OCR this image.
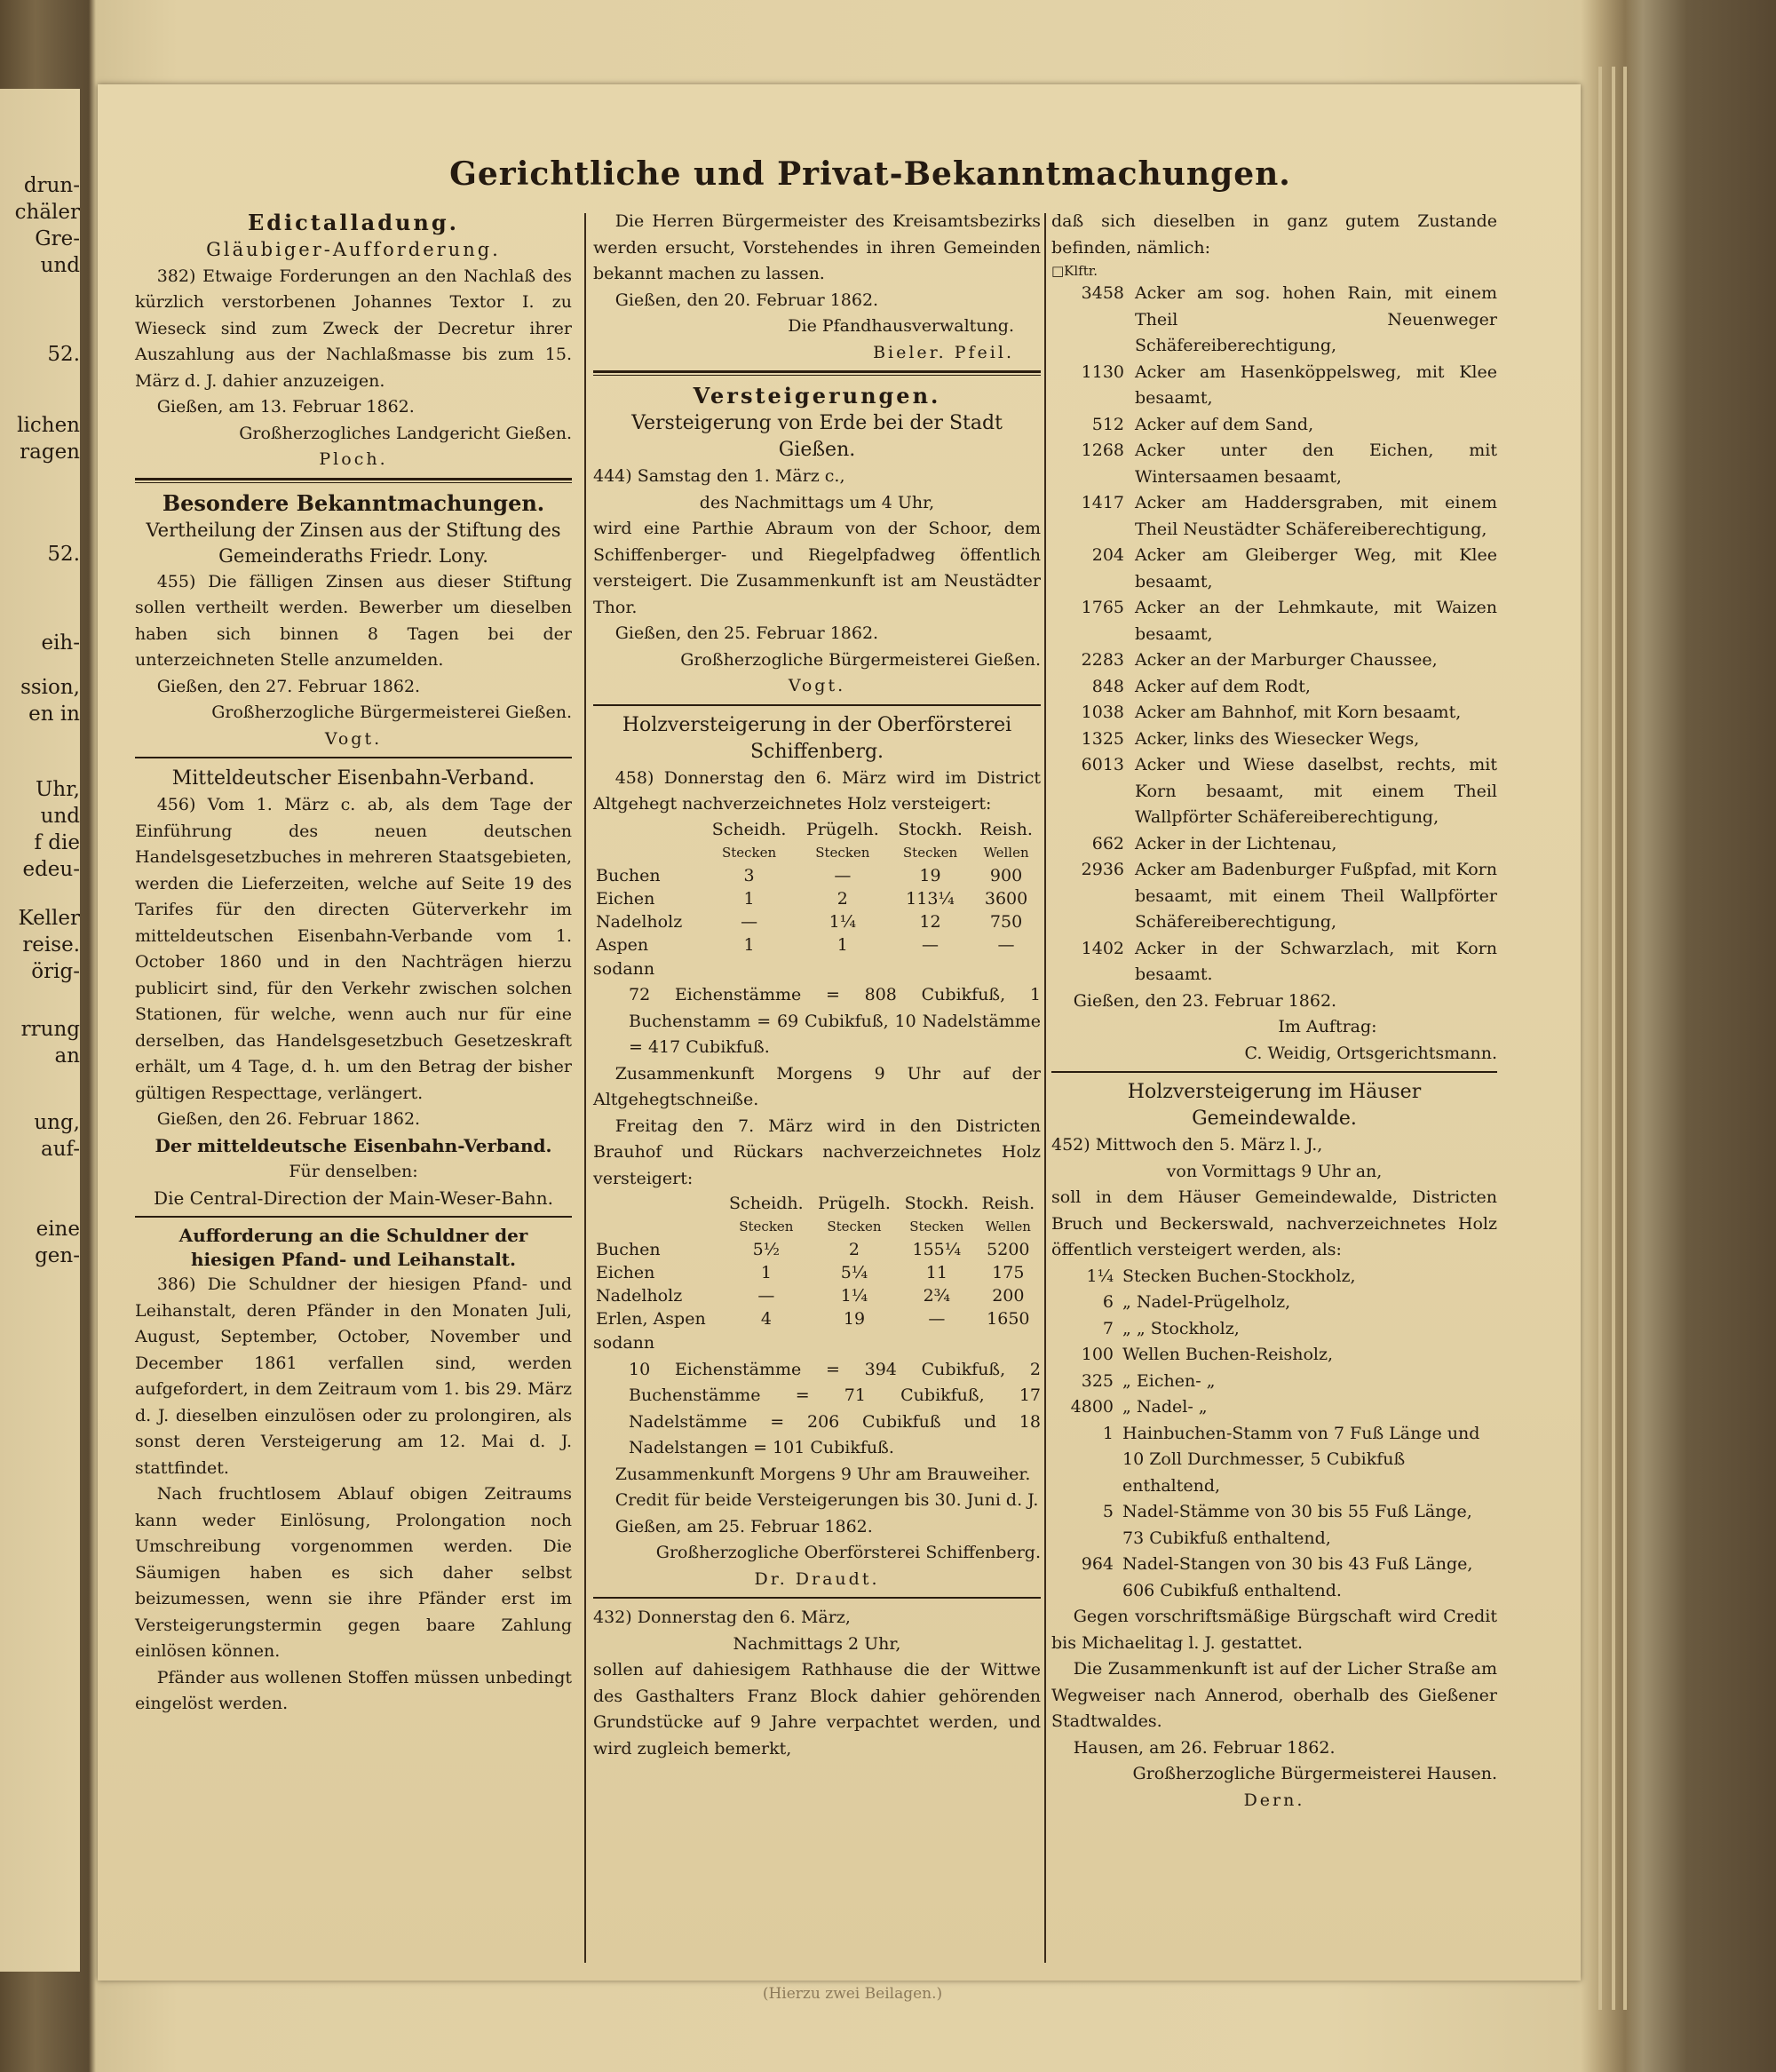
drun-
chäler
Gre-
und
52.
lichen
ragen
52.
eih-
ssion,
en in
Uhr,
und
f die
edeu-
Keller
reise.
örig-
rrung
an
ung,
auf-
eine
gen-
Gerichtliche und Privat-Bekanntmachungen.
Edictalladung.
Gläubiger-Aufforderung.
382) Etwaige Forderungen an den Nachlaß des kürzlich verstorbenen Johannes Textor I. zu Wieseck sind zum Zweck der Decretur ihrer Auszahlung aus der Nachlaßmasse bis zum 15. März d. J. dahier anzuzeigen.
Gießen, am 13. Februar 1862.
Großherzogliches Landgericht Gießen.
Ploch.
Besondere Bekanntmachungen.
Vertheilung der Zinsen aus der Stiftung des Gemeinderaths Friedr. Lony.
455) Die fälligen Zinsen aus dieser Stiftung sollen vertheilt werden. Bewerber um dieselben haben sich binnen 8 Tagen bei der unterzeichneten Stelle anzumelden.
Gießen, den 27. Februar 1862.
Großherzogliche Bürgermeisterei Gießen.
Vogt.
Mitteldeutscher Eisenbahn-Verband.
456) Vom 1. März c. ab, als dem Tage der Einführung des neuen deutschen Handelsgesetzbuches in mehreren Staatsgebieten, werden die Lieferzeiten, welche auf Seite 19 des Tarifes für den directen Güterverkehr im mitteldeutschen Eisenbahn-Verbande vom 1. October 1860 und in den Nachträgen hierzu publicirt sind, für den Verkehr zwischen solchen Stationen, für welche, wenn auch nur für eine derselben, das Handelsgesetzbuch Gesetzeskraft erhält, um 4 Tage, d. h. um den Betrag der bisher gültigen Respecttage, verlängert.
Gießen, den 26. Februar 1862.
Der mitteldeutsche Eisenbahn-Verband.
Für denselben:
Die Central-Direction der Main-Weser-Bahn.
Aufforderung an die Schuldner der hiesigen Pfand- und Leihanstalt.
386) Die Schuldner der hiesigen Pfand- und Leihanstalt, deren Pfänder in den Monaten Juli, August, September, October, November und December 1861 verfallen sind, werden aufgefordert, in dem Zeitraum vom 1. bis 29. März d. J. dieselben einzulösen oder zu prolongiren, als sonst deren Versteigerung am 12. Mai d. J. stattfindet.
Nach fruchtlosem Ablauf obigen Zeitraums kann weder Einlösung, Prolongation noch Umschreibung vorgenommen werden. Die Säumigen haben es sich daher selbst beizumessen, wenn sie ihre Pfänder erst im Versteigerungstermin gegen baare Zahlung einlösen können.
Pfänder aus wollenen Stoffen müssen unbedingt eingelöst werden.
Die Herren Bürgermeister des Kreisamtsbezirks werden ersucht, Vorstehendes in ihren Gemeinden bekannt machen zu lassen.
Gießen, den 20. Februar 1862.
Die Pfandhausverwaltung.
Bieler. Pfeil.
Versteigerungen.
Versteigerung von Erde bei der Stadt Gießen.
444) Samstag den 1. März c.,
des Nachmittags um 4 Uhr,
wird eine Parthie Abraum von der Schoor, dem Schiffenberger- und Riegelpfadweg öffentlich versteigert. Die Zusammenkunft ist am Neustädter Thor.
Gießen, den 25. Februar 1862.
Großherzogliche Bürgermeisterei Gießen.
Vogt.
Holzversteigerung in der Oberförsterei Schiffenberg.
458) Donnerstag den 6. März wird im District Altgehegt nachverzeichnetes Holz versteigert:
	Scheidh.	Prügelh.	Stockh.	Reish.
	Stecken	Stecken	Stecken	Wellen
Buchen	3	—	19	900
Eichen	1	2	113¼	3600
Nadelholz	—	1¼	12	750
Aspen	1	1	—	—
sodann
72 Eichenstämme = 808 Cubikfuß, 1 Buchenstamm = 69 Cubikfuß, 10 Nadelstämme = 417 Cubikfuß.
Zusammenkunft Morgens 9 Uhr auf der Altgehegtschneiße.
Freitag den 7. März wird in den Districten Brauhof und Rückars nachverzeichnetes Holz versteigert:
	Scheidh.	Prügelh.	Stockh.	Reish.
	Stecken	Stecken	Stecken	Wellen
Buchen	5½	2	155¼	5200
Eichen	1	5¼	11	175
Nadelholz	—	1¼	2¾	200
Erlen, Aspen	4	19	—	1650
sodann
10 Eichenstämme = 394 Cubikfuß, 2 Buchenstämme = 71 Cubikfuß, 17 Nadelstämme = 206 Cubikfuß und 18 Nadelstangen = 101 Cubikfuß.
Zusammenkunft Morgens 9 Uhr am Brauweiher.
Credit für beide Versteigerungen bis 30. Juni d. J.
Gießen, am 25. Februar 1862.
Großherzogliche Oberförsterei Schiffenberg.
Dr. Draudt.
432) Donnerstag den 6. März,
Nachmittags 2 Uhr,
sollen auf dahiesigem Rathhause die der Wittwe des Gasthalters Franz Block dahier gehörenden Grundstücke auf 9 Jahre verpachtet werden, und wird zugleich bemerkt,
daß sich dieselben in ganz gutem Zustande befinden, nämlich:
□Klftr.
3458 Acker am sog. hohen Rain, mit einem Theil Neuenweger Schäfereiberechtigung,
1130 Acker am Hasenköppelsweg, mit Klee besaamt,
512 Acker auf dem Sand,
1268 Acker unter den Eichen, mit Wintersaamen besaamt,
1417 Acker am Haddersgraben, mit einem Theil Neustädter Schäfereiberechtigung,
204 Acker am Gleiberger Weg, mit Klee besaamt,
1765 Acker an der Lehmkaute, mit Waizen besaamt,
2283 Acker an der Marburger Chaussee,
848 Acker auf dem Rodt,
1038 Acker am Bahnhof, mit Korn besaamt,
1325 Acker, links des Wiesecker Wegs,
6013 Acker und Wiese daselbst, rechts, mit Korn besaamt, mit einem Theil Wallpförter Schäfereiberechtigung,
662 Acker in der Lichtenau,
2936 Acker am Badenburger Fußpfad, mit Korn besaamt, mit einem Theil Wallpförter Schäfereiberechtigung,
1402 Acker in der Schwarzlach, mit Korn besaamt.
Gießen, den 23. Februar 1862.
Im Auftrag:
C. Weidig, Ortsgerichtsmann.
Holzversteigerung im Häuser Gemeindewalde.
452) Mittwoch den 5. März l. J.,
von Vormittags 9 Uhr an,
soll in dem Häuser Gemeindewalde, Districten Bruch und Beckerswald, nachverzeichnetes Holz öffentlich versteigert werden, als:
1¼ Stecken Buchen-Stockholz,
6 „ Nadel-Prügelholz,
7 „ „ Stockholz,
100 Wellen Buchen-Reisholz,
325 „ Eichen- „
4800 „ Nadel- „
1 Hainbuchen-Stamm von 7 Fuß Länge und 10 Zoll Durchmesser, 5 Cubikfuß enthaltend,
5 Nadel-Stämme von 30 bis 55 Fuß Länge, 73 Cubikfuß enthaltend,
964 Nadel-Stangen von 30 bis 43 Fuß Länge, 606 Cubikfuß enthaltend.
Gegen vorschriftsmäßige Bürgschaft wird Credit bis Michaelitag l. J. gestattet.
Die Zusammenkunft ist auf der Licher Straße am Wegweiser nach Annerod, oberhalb des Gießener Stadtwaldes.
Hausen, am 26. Februar 1862.
Großherzogliche Bürgermeisterei Hausen.
Dern.
(Hierzu zwei Beilagen.)
